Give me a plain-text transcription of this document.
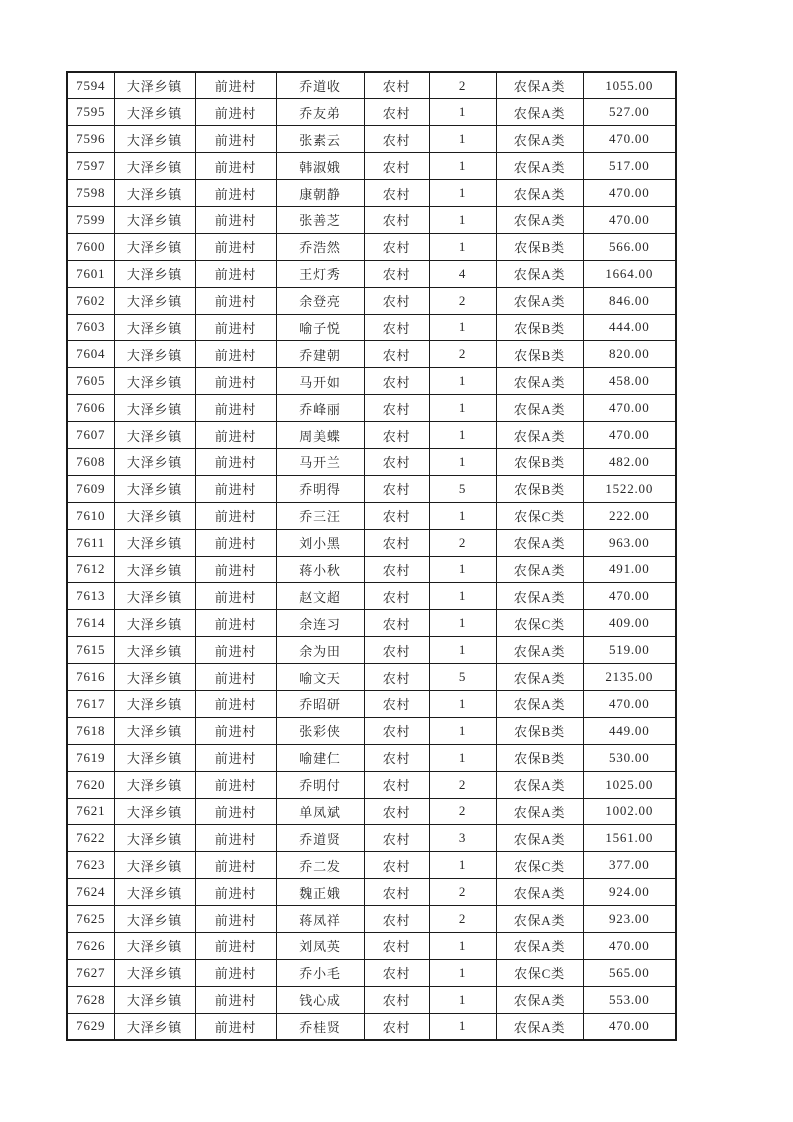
7594	大泽乡镇	前进村	乔道收	农村	2	农保A类	1055.00
7595	大泽乡镇	前进村	乔友弟	农村	1	农保A类	527.00
7596	大泽乡镇	前进村	张素云	农村	1	农保A类	470.00
7597	大泽乡镇	前进村	韩淑娥	农村	1	农保A类	517.00
7598	大泽乡镇	前进村	康朝静	农村	1	农保A类	470.00
7599	大泽乡镇	前进村	张善芝	农村	1	农保A类	470.00
7600	大泽乡镇	前进村	乔浩然	农村	1	农保B类	566.00
7601	大泽乡镇	前进村	王灯秀	农村	4	农保A类	1664.00
7602	大泽乡镇	前进村	余登亮	农村	2	农保A类	846.00
7603	大泽乡镇	前进村	喻子悦	农村	1	农保B类	444.00
7604	大泽乡镇	前进村	乔建朝	农村	2	农保B类	820.00
7605	大泽乡镇	前进村	马开如	农村	1	农保A类	458.00
7606	大泽乡镇	前进村	乔峰丽	农村	1	农保A类	470.00
7607	大泽乡镇	前进村	周美蝶	农村	1	农保A类	470.00
7608	大泽乡镇	前进村	马开兰	农村	1	农保B类	482.00
7609	大泽乡镇	前进村	乔明得	农村	5	农保B类	1522.00
7610	大泽乡镇	前进村	乔三汪	农村	1	农保C类	222.00
7611	大泽乡镇	前进村	刘小黑	农村	2	农保A类	963.00
7612	大泽乡镇	前进村	蒋小秋	农村	1	农保A类	491.00
7613	大泽乡镇	前进村	赵文超	农村	1	农保A类	470.00
7614	大泽乡镇	前进村	余连习	农村	1	农保C类	409.00
7615	大泽乡镇	前进村	余为田	农村	1	农保A类	519.00
7616	大泽乡镇	前进村	喻文天	农村	5	农保A类	2135.00
7617	大泽乡镇	前进村	乔昭研	农村	1	农保A类	470.00
7618	大泽乡镇	前进村	张彩侠	农村	1	农保B类	449.00
7619	大泽乡镇	前进村	喻建仁	农村	1	农保B类	530.00
7620	大泽乡镇	前进村	乔明付	农村	2	农保A类	1025.00
7621	大泽乡镇	前进村	单凤斌	农村	2	农保A类	1002.00
7622	大泽乡镇	前进村	乔道贤	农村	3	农保A类	1561.00
7623	大泽乡镇	前进村	乔二发	农村	1	农保C类	377.00
7624	大泽乡镇	前进村	魏正娥	农村	2	农保A类	924.00
7625	大泽乡镇	前进村	蒋凤祥	农村	2	农保A类	923.00
7626	大泽乡镇	前进村	刘凤英	农村	1	农保A类	470.00
7627	大泽乡镇	前进村	乔小毛	农村	1	农保C类	565.00
7628	大泽乡镇	前进村	钱心成	农村	1	农保A类	553.00
7629	大泽乡镇	前进村	乔桂贤	农村	1	农保A类	470.00
